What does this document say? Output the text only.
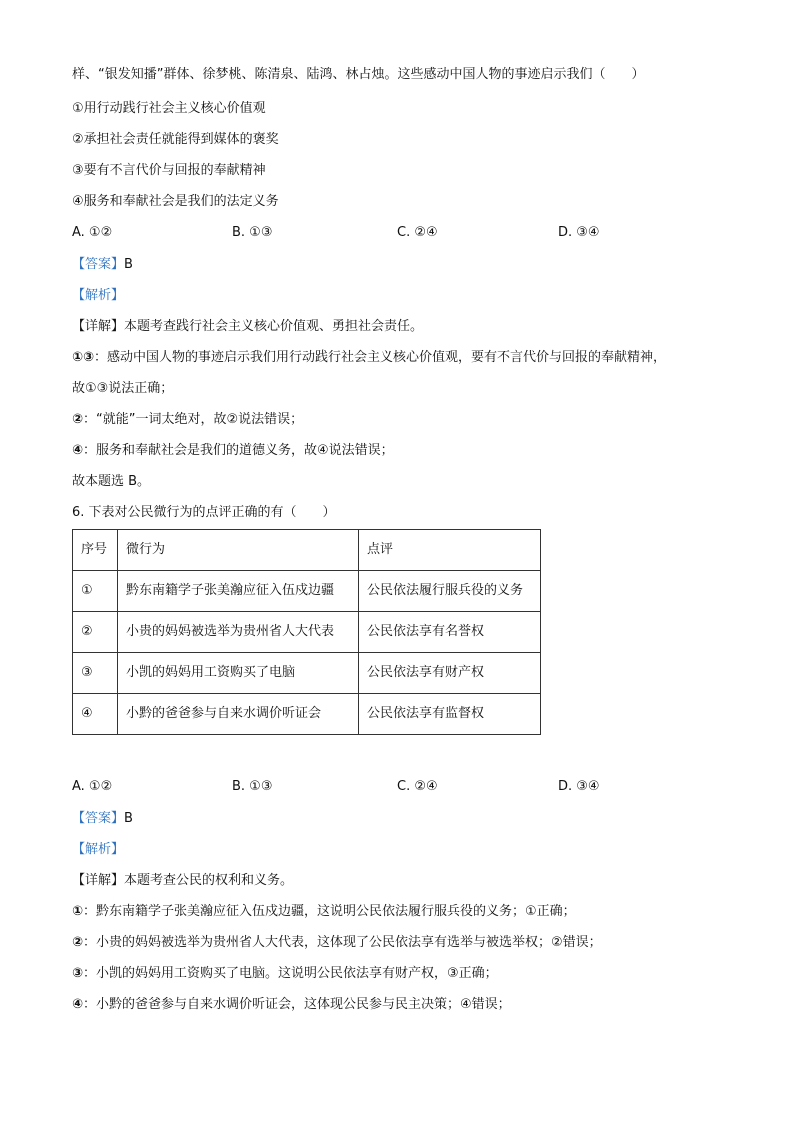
样、“银发知播”群体、徐梦桃、陈清泉、陆鸿、林占烛。这些感动中国人物的事迹启示我们（　　）
①用行动践行社会主义核心价值观
②承担社会责任就能得到媒体的褒奖
③要有不言代价与回报的奉献精神
④服务和奉献社会是我们的法定义务
A. ①②	B. ①③	C. ②④	D. ③④
【答案】B
【解析】
【详解】本题考查践行社会主义核心价值观、勇担社会责任。
①③：感动中国人物的事迹启示我们用行动践行社会主义核心价值观，要有不言代价与回报的奉献精神，
故①③说法正确；
②：“就能”一词太绝对，故②说法错误；
④：服务和奉献社会是我们的道德义务，故④说法错误；
故本题选 B。
6. 下表对公民微行为的点评正确的有（　　）
序号	微行为	点评
①	黔东南籍学子张美瀚应征入伍戍边疆	公民依法履行服兵役的义务
②	小贵的妈妈被选举为贵州省人大代表	公民依法享有名誉权
③	小凯的妈妈用工资购买了电脑	公民依法享有财产权
④	小黔的爸爸参与自来水调价听证会	公民依法享有监督权
A. ①②	B. ①③	C. ②④	D. ③④
【答案】B
【解析】
【详解】本题考查公民的权利和义务。
①：黔东南籍学子张美瀚应征入伍戍边疆，这说明公民依法履行服兵役的义务；①正确；
②：小贵的妈妈被选举为贵州省人大代表，这体现了公民依法享有选举与被选举权；②错误；
③：小凯的妈妈用工资购买了电脑。这说明公民依法享有财产权，③正确；
④：小黔的爸爸参与自来水调价听证会，这体现公民参与民主决策；④错误；
